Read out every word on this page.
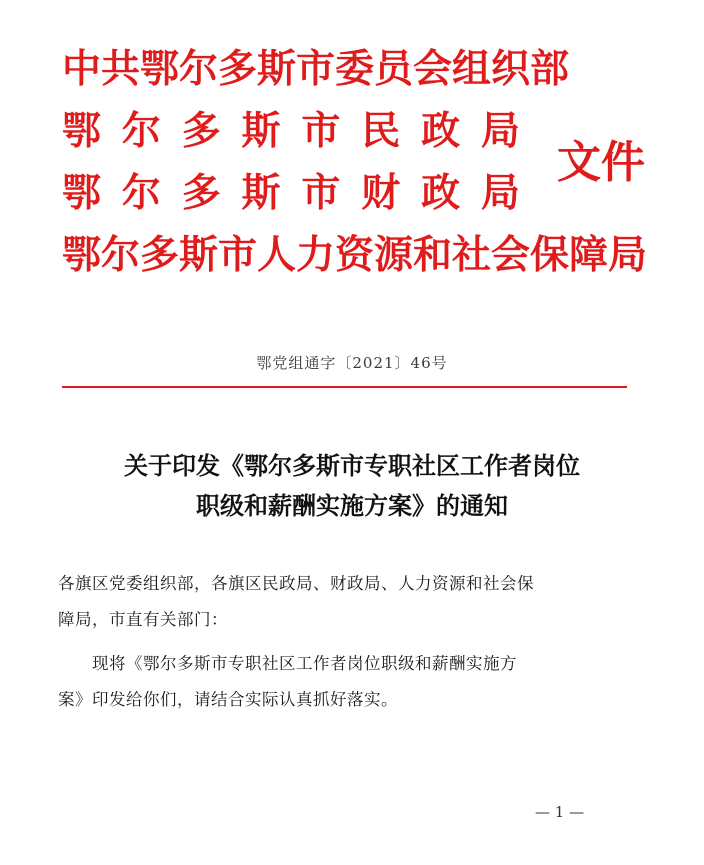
中共鄂尔多斯市委员会组织部
鄂 尔 多 斯 市 民 政 局
鄂 尔 多 斯 市 财 政 局
鄂尔多斯市人力资源和社会保障局
文件
鄂党组通字〔2021〕46号
关于印发《鄂尔多斯市专职社区工作者岗位
职级和薪酬实施方案》的通知
各旗区党委组织部，各旗区民政局、财政局、人力资源和社会保
障局，市直有关部门：
现将《鄂尔多斯市专职社区工作者岗位职级和薪酬实施方
案》印发给你们，请结合实际认真抓好落实。
— 1 —
